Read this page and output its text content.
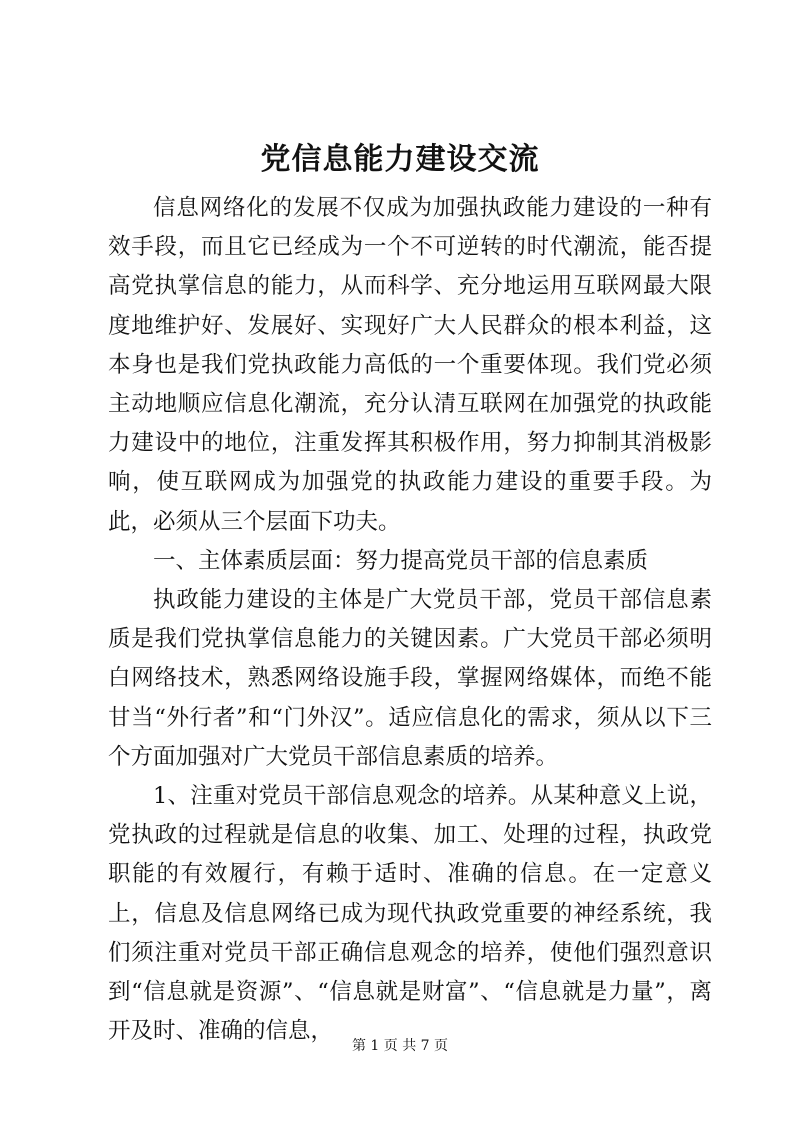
党信息能力建设交流

信息网络化的发展不仅成为加强执政能力建设的一种有效手段，而且它已经成为一个不可逆转的时代潮流，能否提高党执掌信息的能力，从而科学、充分地运用互联网最大限度地维护好、发展好、实现好广大人民群众的根本利益，这本身也是我们党执政能力高低的一个重要体现。我们党必须主动地顺应信息化潮流，充分认清互联网在加强党的执政能力建设中的地位，注重发挥其积极作用，努力抑制其消极影响，使互联网成为加强党的执政能力建设的重要手段。为此，必须从三个层面下功夫。

一、主体素质层面：努力提高党员干部的信息素质

执政能力建设的主体是广大党员干部，党员干部信息素质是我们党执掌信息能力的关键因素。广大党员干部必须明白网络技术，熟悉网络设施手段，掌握网络媒体，而绝不能甘当“外行者”和“门外汉”。适应信息化的需求，须从以下三个方面加强对广大党员干部信息素质的培养。

1、注重对党员干部信息观念的培养。从某种意义上说，党执政的过程就是信息的收集、加工、处理的过程，执政党职能的有效履行，有赖于适时、准确的信息。在一定意义上，信息及信息网络已成为现代执政党重要的神经系统，我们须注重对党员干部正确信息观念的培养，使他们强烈意识到“信息就是资源”、“信息就是财富”、“信息就是力量”，离开及时、准确的信息，

第 1 页 共 7 页
